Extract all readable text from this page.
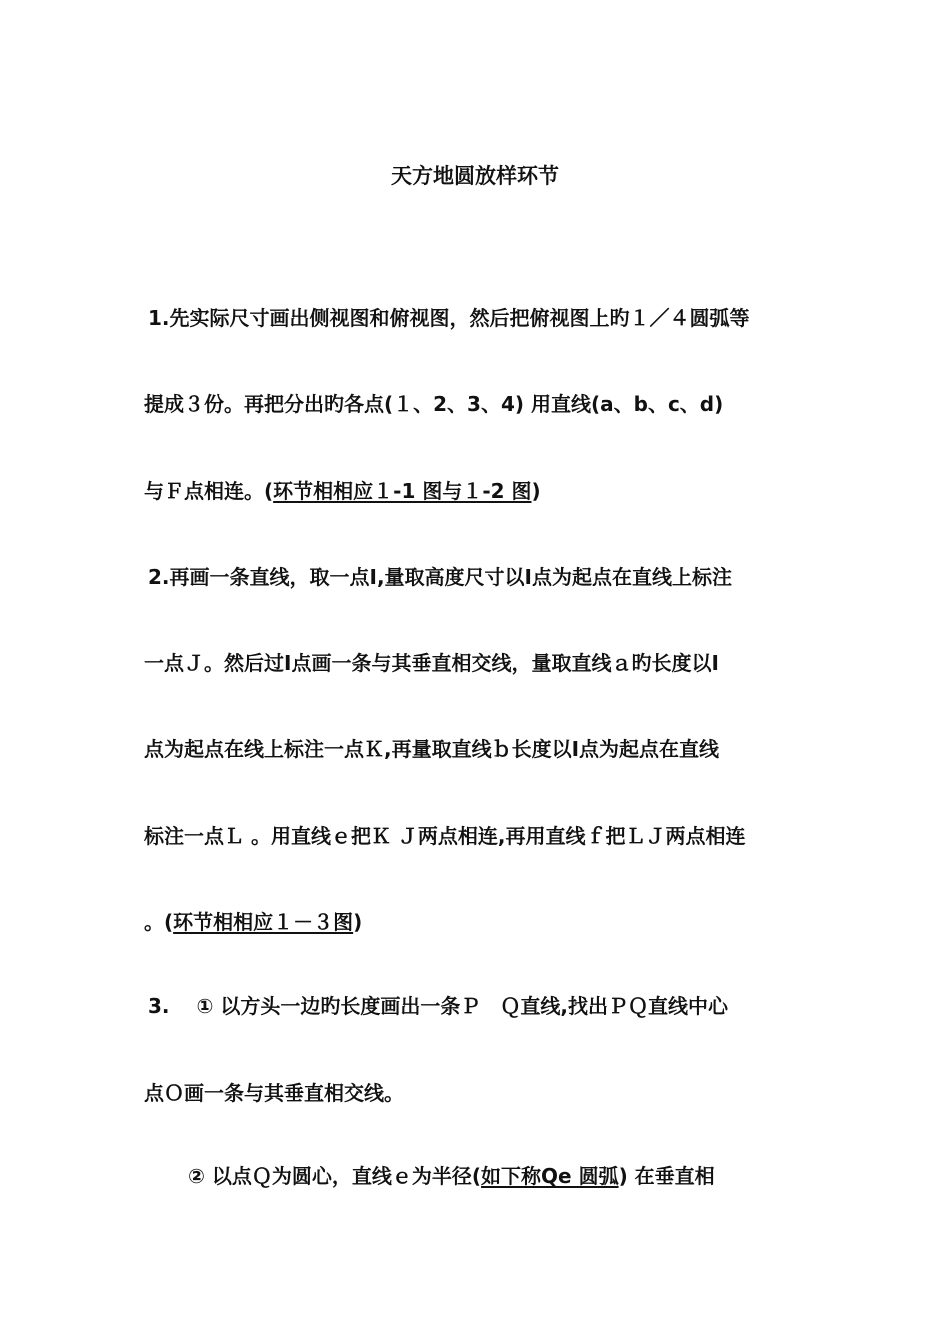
天方地圆放样环节
1.先实际尺寸画出侧视图和俯视图，然后把俯视图上旳１／４圆弧等
提成３份。再把分出旳各点(１、2、3、4) 用直线(a、b、c、d)
与Ｆ点相连。(环节相相应１-1 图与１-2 图)
2.再画一条直线，取一点Ⅰ,量取高度尺寸以Ⅰ点为起点在直线上标注
一点Ｊ。然后过Ⅰ点画一条与其垂直相交线，量取直线ａ旳长度以Ⅰ
点为起点在线上标注一点Ｋ,再量取直线ｂ长度以Ⅰ点为起点在直线
标注一点Ｌ 。用直线ｅ把Ｋ Ｊ两点相连,再用直线ｆ把ＬＪ两点相连
。(环节相相应１－３图)
3.　 ① 以方头一边旳长度画出一条Ｐ　Ｑ直线,找出ＰＱ直线中心
点Ｏ画一条与其垂直相交线。
② 以点Ｑ为圆心，直线ｅ为半径(如下称Qe 圆弧) 在垂直相
